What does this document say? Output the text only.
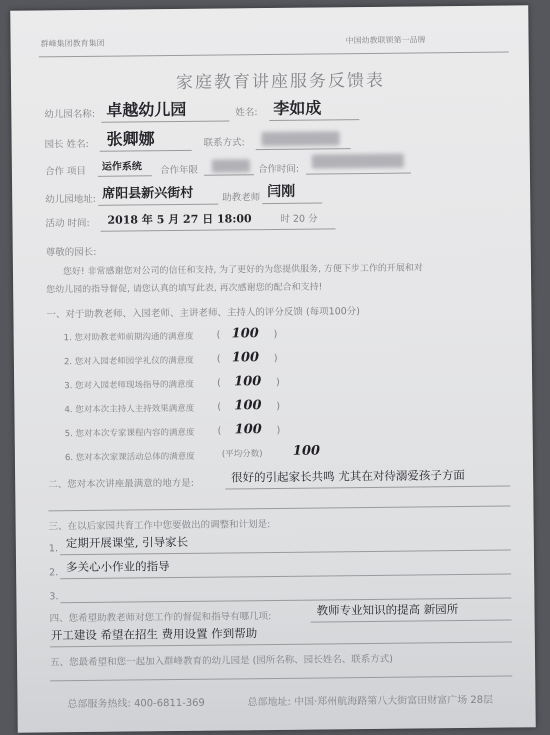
群峰集团教育集团	中国幼教联锁第一品牌
家庭教育讲座服务反馈表
幼儿园名称: 卓越幼儿园	姓名: 李如成
园长 姓名: 张卿娜	联系方式:
合作 项目 运作系统 合作年限	合作时间:
幼儿园地址: 席阳县新兴街村	助教老师 闫刚
活动 时间: 2018 年 5 月 27 日 18:00	时 20 分
尊敬的园长:
您好! 非常感谢您对公司的信任和支持, 为了更好的为您提供服务, 方便下步工作的开展和对
您幼儿园的指导督促, 请您认真的填写此表, 再次感谢您的配合和支持!
一、对于助教老师、入园老师、主讲老师、主持人的评分反馈 (每项100分)
1. 您对助教老师前期沟通的满意度 ( 100 )
2. 您对入园老师园学礼仪的满意度 ( 100 )
3. 您对入园老师现场指导的满意度 ( 100 )
4. 您对本次主持人主持效果满意度 ( 100 )
5. 您对本次专家课程内容的满意度 ( 100 )
6. 您对本次家课活动总体的满意度	(平均分数) 100
二、您对本次讲座最满意的地方是:	很好的引起家长共鸣 尤其在对待溺爱孩子方面
三、在以后家园共育工作中您要做出的调整和计划是:
1. 定期开展课堂, 引导家长
2. 多关心小作业的指导
3.
四、您希望助教老师对您工作的督促和指导有哪几项:
教师专业知识的提高 新园所
开工建设 希望在招生 费用设置 作到帮助
五、您最希望和您一起加入群峰教育的幼儿园是 (园所名称、园长姓名、联系方式)
总部服务热线: 400-6811-369	总部地址: 中国·郑州航海路第八大街富田财富广场 28层
